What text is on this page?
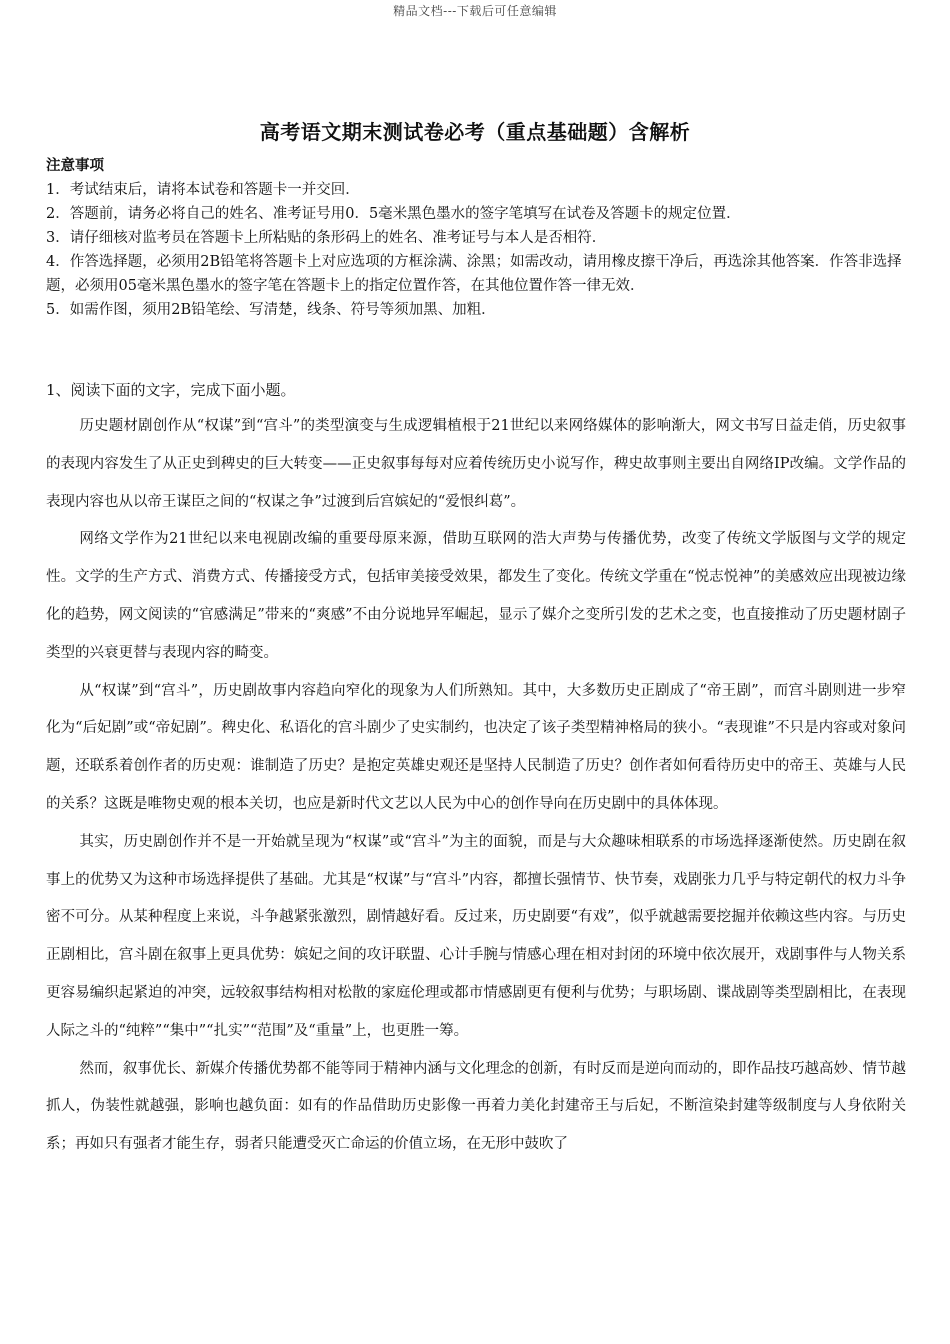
精品文档---下载后可任意编辑
高考语文期末测试卷必考（重点基础题）含解析
注意事项
1．考试结束后，请将本试卷和答题卡一并交回．
2．答题前，请务必将自己的姓名、准考证号用0．5毫米黑色墨水的签字笔填写在试卷及答题卡的规定位置．
3．请仔细核对监考员在答题卡上所粘贴的条形码上的姓名、准考证号与本人是否相符．
4．作答选择题，必须用2B铅笔将答题卡上对应选项的方框涂满、涂黑；如需改动，请用橡皮擦干净后，再选涂其他答案．作答非选择题，必须用05毫米黑色墨水的签字笔在答题卡上的指定位置作答，在其他位置作答一律无效．
5．如需作图，须用2B铅笔绘、写清楚，线条、符号等须加黑、加粗．
1、阅读下面的文字，完成下面小题。

历史题材剧创作从“权谋”到“宫斗”的类型演变与生成逻辑植根于21世纪以来网络媒体的影响渐大，网文书写日益走俏，历史叙事的表现内容发生了从正史到稗史的巨大转变——正史叙事每每对应着传统历史小说写作，稗史故事则主要出自网络IP改编。文学作品的表现内容也从以帝王谋臣之间的“权谋之争”过渡到后宫嫔妃的“爱恨纠葛”。

网络文学作为21世纪以来电视剧改编的重要母原来源，借助互联网的浩大声势与传播优势，改变了传统文学版图与文学的规定性。文学的生产方式、消费方式、传播接受方式，包括审美接受效果，都发生了变化。传统文学重在“悦志悦神”的美感效应出现被边缘化的趋势，网文阅读的“官感满足”带来的“爽感”不由分说地异军崛起，显示了媒介之变所引发的艺术之变，也直接推动了历史题材剧子类型的兴衰更替与表现内容的畸变。

从“权谋”到“宫斗”，历史剧故事内容趋向窄化的现象为人们所熟知。其中，大多数历史正剧成了“帝王剧”，而宫斗剧则进一步窄化为“后妃剧”或“帝妃剧”。稗史化、私语化的宫斗剧少了史实制约，也决定了该子类型精神格局的狭小。“表现谁”不只是内容或对象问题，还联系着创作者的历史观：谁制造了历史？是抱定英雄史观还是坚持人民制造了历史？创作者如何看待历史中的帝王、英雄与人民的关系？这既是唯物史观的根本关切，也应是新时代文艺以人民为中心的创作导向在历史剧中的具体体现。

其实，历史剧创作并不是一开始就呈现为“权谋”或“宫斗”为主的面貌，而是与大众趣味相联系的市场选择逐渐使然。历史剧在叙事上的优势又为这种市场选择提供了基础。尤其是“权谋”与“宫斗”内容，都擅长强情节、快节奏，戏剧张力几乎与特定朝代的权力斗争密不可分。从某种程度上来说，斗争越紧张激烈，剧情越好看。反过来，历史剧要“有戏”，似乎就越需要挖掘并依赖这些内容。与历史正剧相比，宫斗剧在叙事上更具优势：嫔妃之间的攻讦联盟、心计手腕与情感心理在相对封闭的环境中依次展开，戏剧事件与人物关系更容易编织起紧迫的冲突，远较叙事结构相对松散的家庭伦理或都市情感剧更有便利与优势；与职场剧、谍战剧等类型剧相比，在表现人际之斗的“纯粹”“集中”“扎实”“范围”及“重量”上，也更胜一筹。

然而，叙事优长、新媒介传播优势都不能等同于精神内涵与文化理念的创新，有时反而是逆向而动的，即作品技巧越高妙、情节越抓人，伪装性就越强，影响也越负面：如有的作品借助历史影像一再着力美化封建帝王与后妃，不断渲染封建等级制度与人身依附关系；再如只有强者才能生存，弱者只能遭受灭亡命运的价值立场，在无形中鼓吹了
